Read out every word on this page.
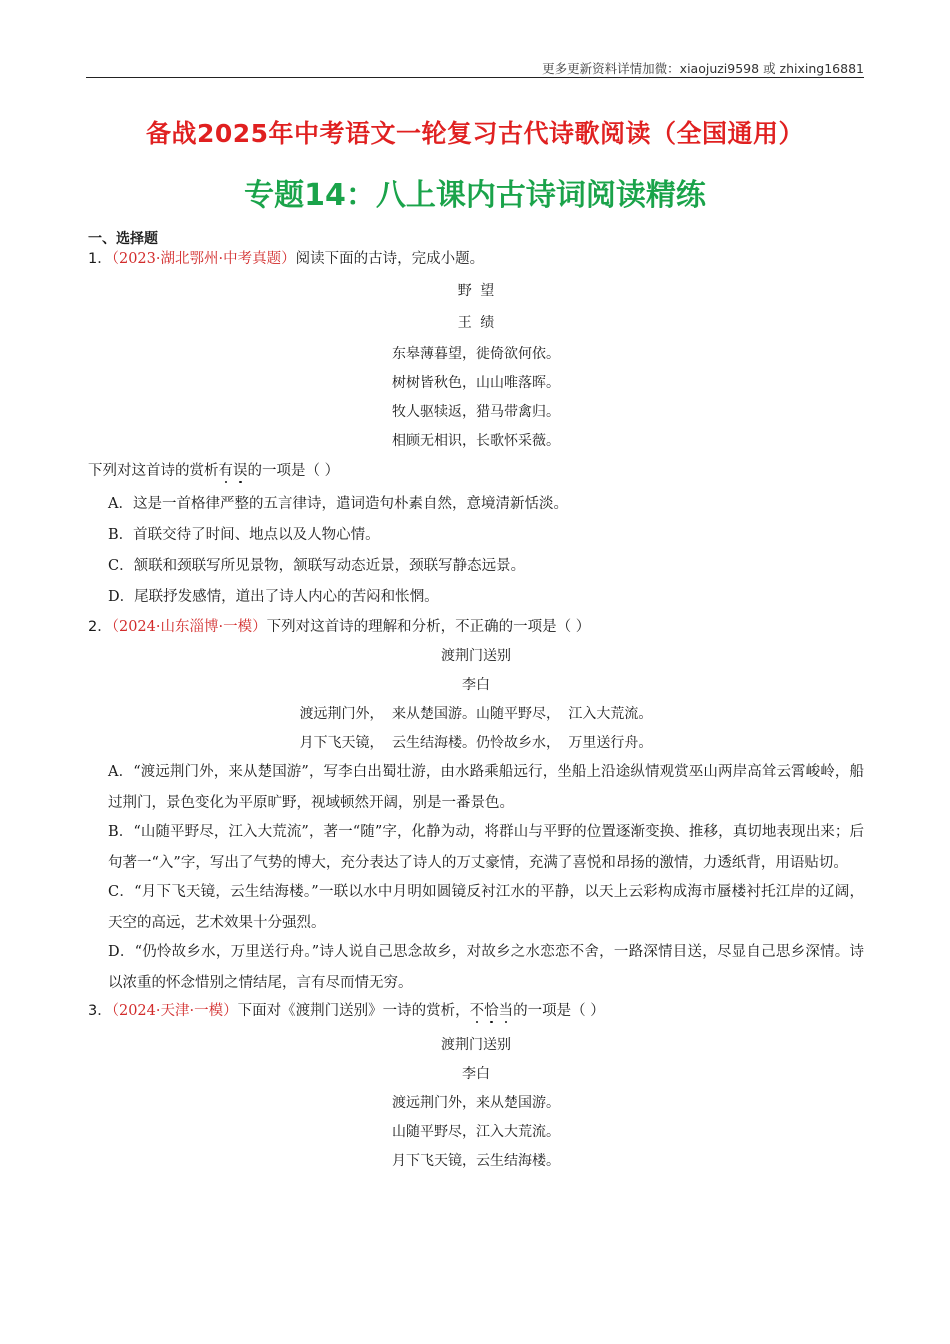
更多更新资料详情加微：xiaojuzi9598 或 zhixing16881
备战2025年中考语文一轮复习古代诗歌阅读（全国通用）
专题14：八上课内古诗词阅读精练
一、选择题
1．（2023·湖北鄂州·中考真题）阅读下面的古诗，完成小题。
野 望
王 绩
东皋薄暮望，徙倚欲何依。
树树皆秋色，山山唯落晖。
牧人驱犊返，猎马带禽归。
相顾无相识，长歌怀采薇。
下列对这首诗的赏析有误的一项是（ ）
A．这是一首格律严整的五言律诗，遣词造句朴素自然，意境清新恬淡。
B．首联交待了时间、地点以及人物心情。
C．颔联和颈联写所见景物，颔联写动态近景，颈联写静态远景。
D．尾联抒发感情，道出了诗人内心的苦闷和怅惘。
2．（2024·山东淄博·一模）下列对这首诗的理解和分析，不正确的一项是（ ）
渡荆门送别
李白
渡远荆门外， 来从楚国游。山随平野尽， 江入大荒流。
月下飞天镜， 云生结海楼。仍怜故乡水， 万里送行舟。
A．“渡远荆门外，来从楚国游”，写李白出蜀壮游，由水路乘船远行，坐船上沿途纵情观赏巫山两岸高耸云霄峻岭，船过荆门，景色变化为平原旷野，视域顿然开阔，别是一番景色。
B．“山随平野尽，江入大荒流”，著一“随”字，化静为动，将群山与平野的位置逐渐变换、推移，真切地表现出来；后句著一“入”字，写出了气势的博大，充分表达了诗人的万丈豪情，充满了喜悦和昂扬的激情，力透纸背，用语贴切。
C．“月下飞天镜，云生结海楼。”一联以水中月明如圆镜反衬江水的平静，以天上云彩构成海市蜃楼衬托江岸的辽阔，天空的高远，艺术效果十分强烈。
D．“仍怜故乡水，万里送行舟。”诗人说自己思念故乡，对故乡之水恋恋不舍，一路深情目送，尽显自己思乡深情。诗以浓重的怀念惜别之情结尾，言有尽而情无穷。
3．（2024·天津·一模）下面对《渡荆门送别》一诗的赏析，不恰当的一项是（ ）
渡荆门送别
李白
渡远荆门外，来从楚国游。
山随平野尽，江入大荒流。
月下飞天镜，云生结海楼。
